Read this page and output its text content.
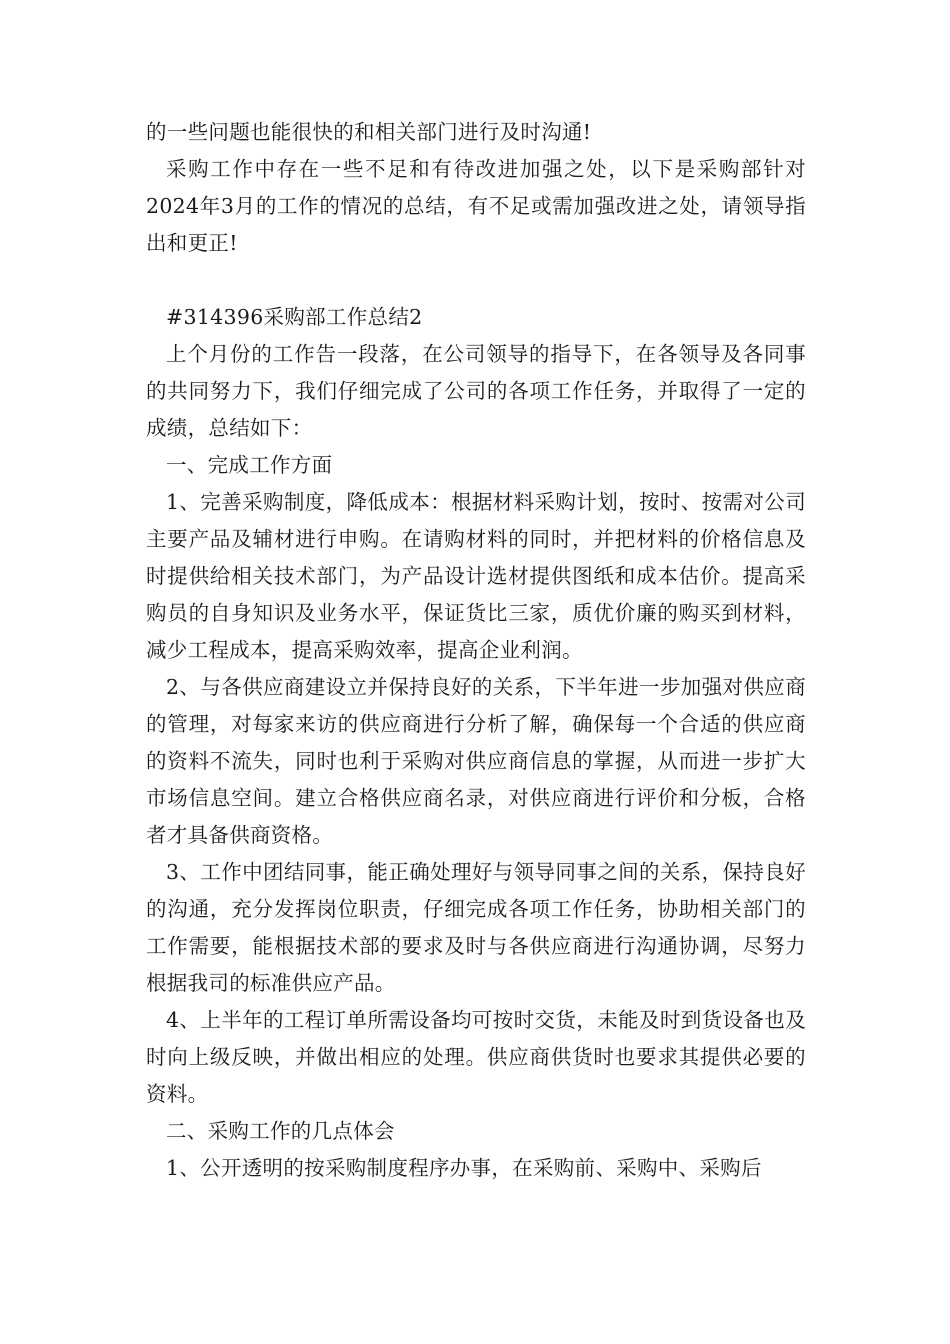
的一些问题也能很快的和相关部门进行及时沟通!

采购工作中存在一些不足和有待改进加强之处，以下是采购部针对2024年3月的工作的情况的总结，有不足或需加强改进之处，请领导指出和更正!

#314396采购部工作总结2

上个月份的工作告一段落，在公司领导的指导下，在各领导及各同事的共同努力下，我们仔细完成了公司的各项工作任务，并取得了一定的成绩，总结如下：

一、完成工作方面

1、完善采购制度，降低成本：根据材料采购计划，按时、按需对公司主要产品及辅材进行申购。在请购材料的同时，并把材料的价格信息及时提供给相关技术部门，为产品设计选材提供图纸和成本估价。提高采购员的自身知识及业务水平，保证货比三家，质优价廉的购买到材料，减少工程成本，提高采购效率，提高企业利润。

2、与各供应商建设立并保持良好的关系，下半年进一步加强对供应商的管理，对每家来访的供应商进行分析了解，确保每一个合适的供应商的资料不流失，同时也利于采购对供应商信息的掌握，从而进一步扩大市场信息空间。建立合格供应商名录，对供应商进行评价和分板，合格者才具备供商资格。

3、工作中团结同事，能正确处理好与领导同事之间的关系，保持良好的沟通，充分发挥岗位职责，仔细完成各项工作任务，协助相关部门的工作需要，能根据技术部的要求及时与各供应商进行沟通协调，尽努力根据我司的标准供应产品。

4、上半年的工程订单所需设备均可按时交货，未能及时到货设备也及时向上级反映，并做出相应的处理。供应商供货时也要求其提供必要的资料。

二、采购工作的几点体会

1、公开透明的按采购制度程序办事，在采购前、采购中、采购后
